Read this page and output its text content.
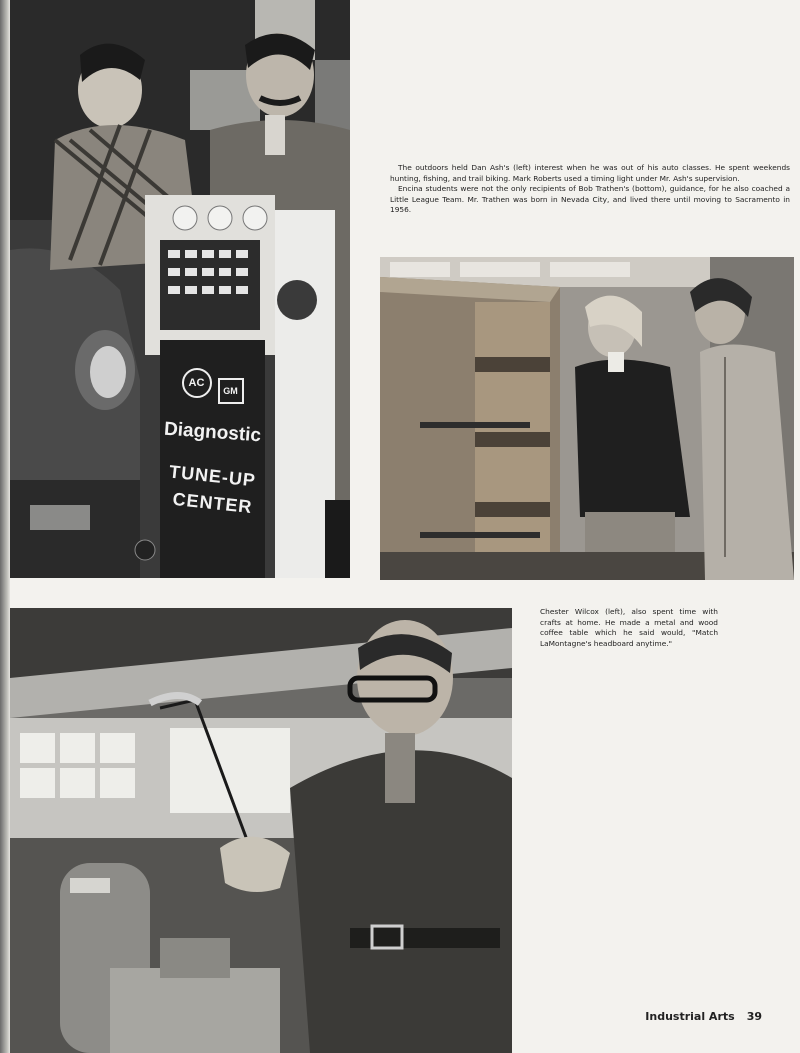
AC
GM
Diagnostic
TUNE-UP
CENTER

The outdoors held Dan Ash's (left) interest when he was out of his auto classes. He spent weekends hunting, fishing, and trail biking. Mark Roberts used a timing light under Mr. Ash's supervision.

Encina students were not the only recipients of Bob Trathen's (bottom), guidance, for he also coached a Little League Team. Mr. Trathen was born in Nevada City, and lived there until moving to Sacramento in 1956.

Chester Wilcox (left), also spent time with crafts at home. He made a metal and wood coffee table which he said would, "Match LaMontagne's headboard anytime."

Industrial Arts 39
